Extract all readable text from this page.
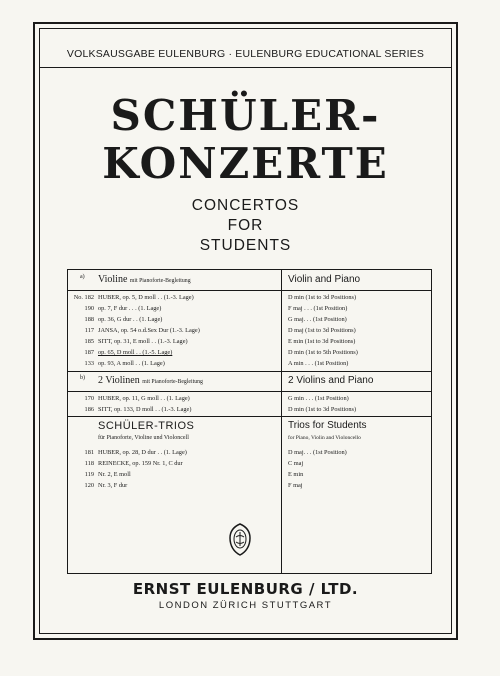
VOLKSAUSGABE EULENBURG · EULENBURG EDUCATIONAL SERIES
SCHÜLER-
KONZERTE
CONCERTOS
FOR
STUDENTS
a) Violine mit Pianoforte-Begleitung	Violin and Piano
No. 182 HUBER, op. 5, D moll . . (1.-3. Lage)	D min (1st to 3d Positions)
190 op. 7, F dur . . . (1. Lage)	F maj . . . (1st Position)
188 op. 36, G dur . . (1. Lage)	G maj. . . (1st Position)
117 JANSA, op. 54 o.d.Sex Dur (1.-3. Lage)	D maj (1st to 3d Positions)
185 SITT, op. 31, E moll . . (1.-3. Lage)	E min (1st to 3d Positions)
187 op. 65, D moll . . (1.-5. Lage)	D min (1st to 5th Positions)
133 op. 93, A moll . . (1. Lage)	A min . . . (1st Position)
b) 2 Violinen mit Pianoforte-Begleitung	2 Violins and Piano
170 HUBER, op. 11, G moll . . (1. Lage)	G min . . . (1st Position)
186 SITT, op. 133, D moll . . (1.-3. Lage)	D min (1st to 3d Positions)
SCHÜLER-TRIOS	Trios for Students
für Pianoforte, Violine und Violoncell	for Piano, Violin and Violoncello
181 HUBER, op. 28, D dur . . (1. Lage)	D maj. . . (1st Position)
118 REINECKE, op. 159 Nr. 1, C dur	C maj
119 Nr. 2, E moll	E min
120 Nr. 3, F dur	F maj
ERNST EULENBURG / LTD.
LONDON ZÜRICH STUTTGART
